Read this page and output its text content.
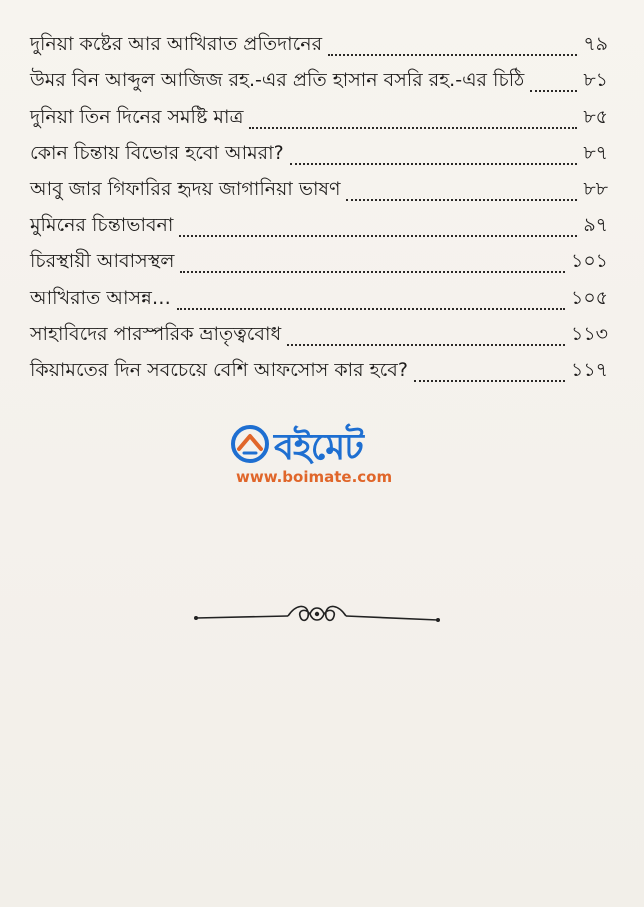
দুনিয়া কষ্টের আর আখিরাত প্রতিদানের	৭৯
উমর বিন আব্দুল আজিজ রহ.-এর প্রতি হাসান বসরি রহ.-এর চিঠি	৮১
দুনিয়া তিন দিনের সমষ্টি মাত্র	৮৫
কোন চিন্তায় বিভোর হবো আমরা?	৮৭
আবু জার গিফারির হৃদয় জাগানিয়া ভাষণ	৮৮
মুমিনের চিন্তাভাবনা	৯৭
চিরস্থায়ী আবাসস্থল	১০১
আখিরাত আসন্ন…	১০৫
সাহাবিদের পারস্পরিক ভ্রাতৃত্ববোধ	১১৩
কিয়ামতের দিন সবচেয়ে বেশি আফসোস কার হবে?	১১৭
বইমেট
www.boimate.com
